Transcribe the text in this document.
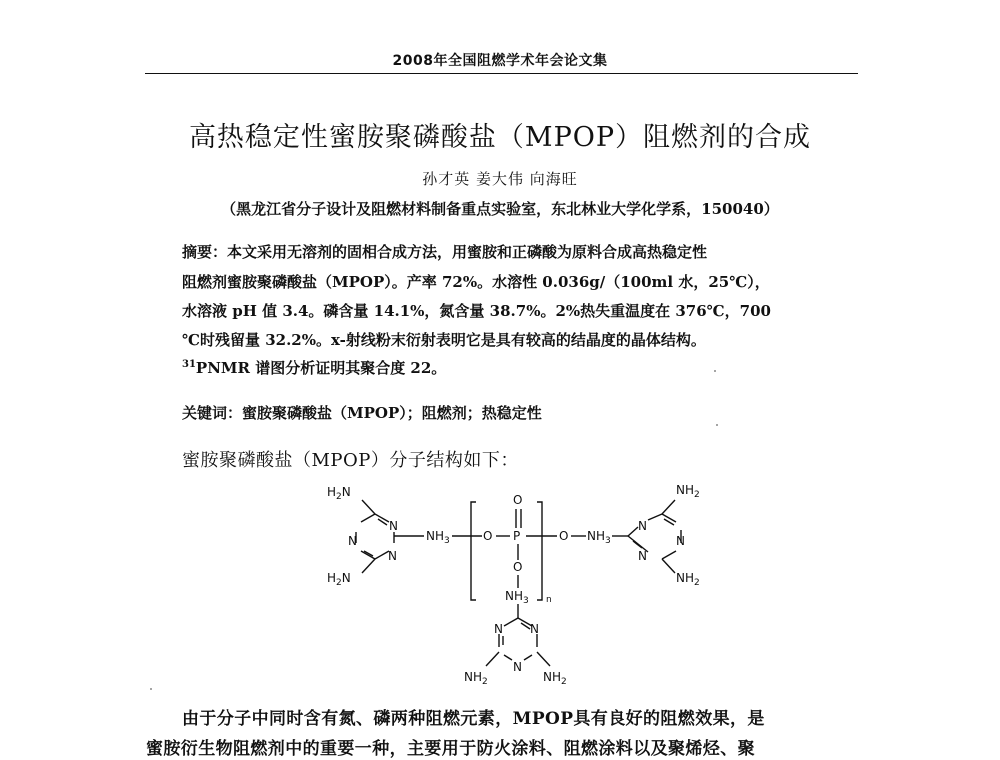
2008年全国阻燃学术年会论文集
高热稳定性蜜胺聚磷酸盐（MPOP）阻燃剂的合成
孙才英 姜大伟 向海旺
（黑龙江省分子设计及阻燃材料制备重点实验室，东北林业大学化学系，150040）
摘要：本文采用无溶剂的固相合成方法，用蜜胺和正磷酸为原料合成高热稳定性
阻燃剂蜜胺聚磷酸盐（MPOP）。产率 72%。水溶性 0.036g/（100ml 水，25℃），
水溶液 pH 值 3.4。磷含量 14.1%，氮含量 38.7%。2%热失重温度在 376℃，700
℃时残留量 32.2%。x-射线粉末衍射表明它是具有较高的结晶度的晶体结构。
$^{31}$PNMR 谱图分析证明其聚合度 22。
关键词：蜜胺聚磷酸盐（MPOP）；阻燃剂；热稳定性
蜜胺聚磷酸盐（MPOP）分子结构如下：
N
N
N
$H_2N$
$H_2N$
$NH_3$	O
O
P
O
O
$NH_3$ n
$NH_3$
N
N
N
$NH_2$
$NH_2$
N
N
N
$NH_2$	$NH_2$
由于分子中同时含有氮、磷两种阻燃元素，MPOP具有良好的阻燃效果，是
蜜胺衍生物阻燃剂中的重要一种，主要用于防火涂料、阻燃涂料以及聚烯烃、聚
